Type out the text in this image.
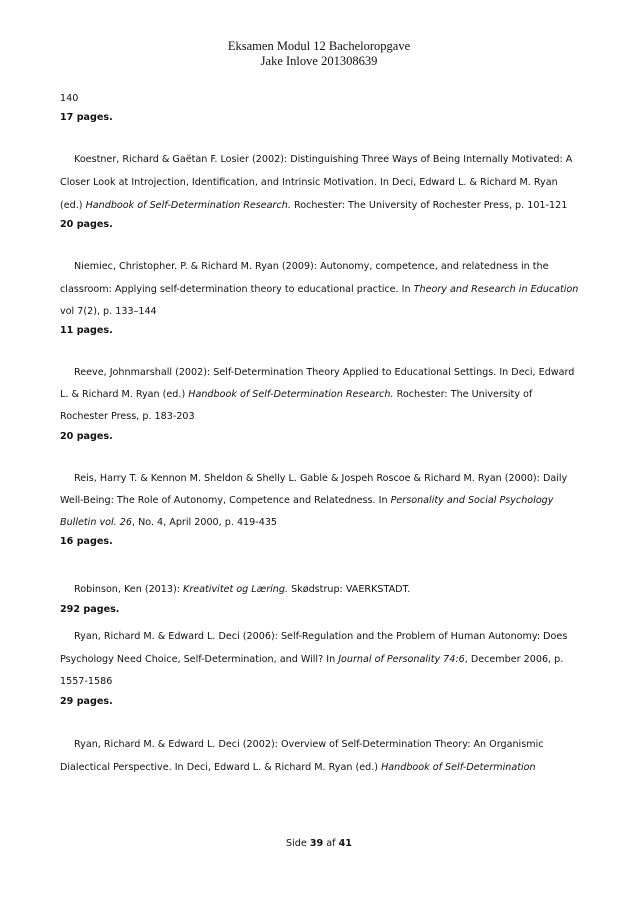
Eksamen Modul 12 Bacheloropgave
Jake Inlove 201308639
140
17 pages.
Koestner, Richard & Gaëtan F. Losier (2002): Distinguishing Three Ways of Being Internally Motivated: A
Closer Look at Introjection, Identification, and Intrinsic Motivation. In Deci, Edward L. & Richard M. Ryan
(ed.) Handbook of Self-Determination Research. Rochester: The University of Rochester Press, p. 101-121
20 pages.
Niemiec, Christopher. P. & Richard M. Ryan (2009): Autonomy, competence, and relatedness in the
classroom: Applying self-determination theory to educational practice. In Theory and Research in Education
vol 7(2), p. 133–144
11 pages.
Reeve, Johnmarshall (2002): Self-Determination Theory Applied to Educational Settings. In Deci, Edward
L. & Richard M. Ryan (ed.) Handbook of Self-Determination Research. Rochester: The University of
Rochester Press, p. 183-203
20 pages.
Reis, Harry T. & Kennon M. Sheldon & Shelly L. Gable & Jospeh Roscoe & Richard M. Ryan (2000): Daily
Well-Being: The Role of Autonomy, Competence and Relatedness. In Personality and Social Psychology
Bulletin vol. 26, No. 4, April 2000, p. 419-435
16 pages.
Robinson, Ken (2013): Kreativitet og Læring. Skødstrup: VAERKSTADT.
292 pages.
Ryan, Richard M. & Edward L. Deci (2006): Self-Regulation and the Problem of Human Autonomy: Does
Psychology Need Choice, Self-Determination, and Will? In Journal of Personality 74:6, December 2006, p.
1557-1586
29 pages.
Ryan, Richard M. & Edward L. Deci (2002): Overview of Self-Determination Theory: An Organismic
Dialectical Perspective. In Deci, Edward L. & Richard M. Ryan (ed.) Handbook of Self-Determination
Side 39 af 41
